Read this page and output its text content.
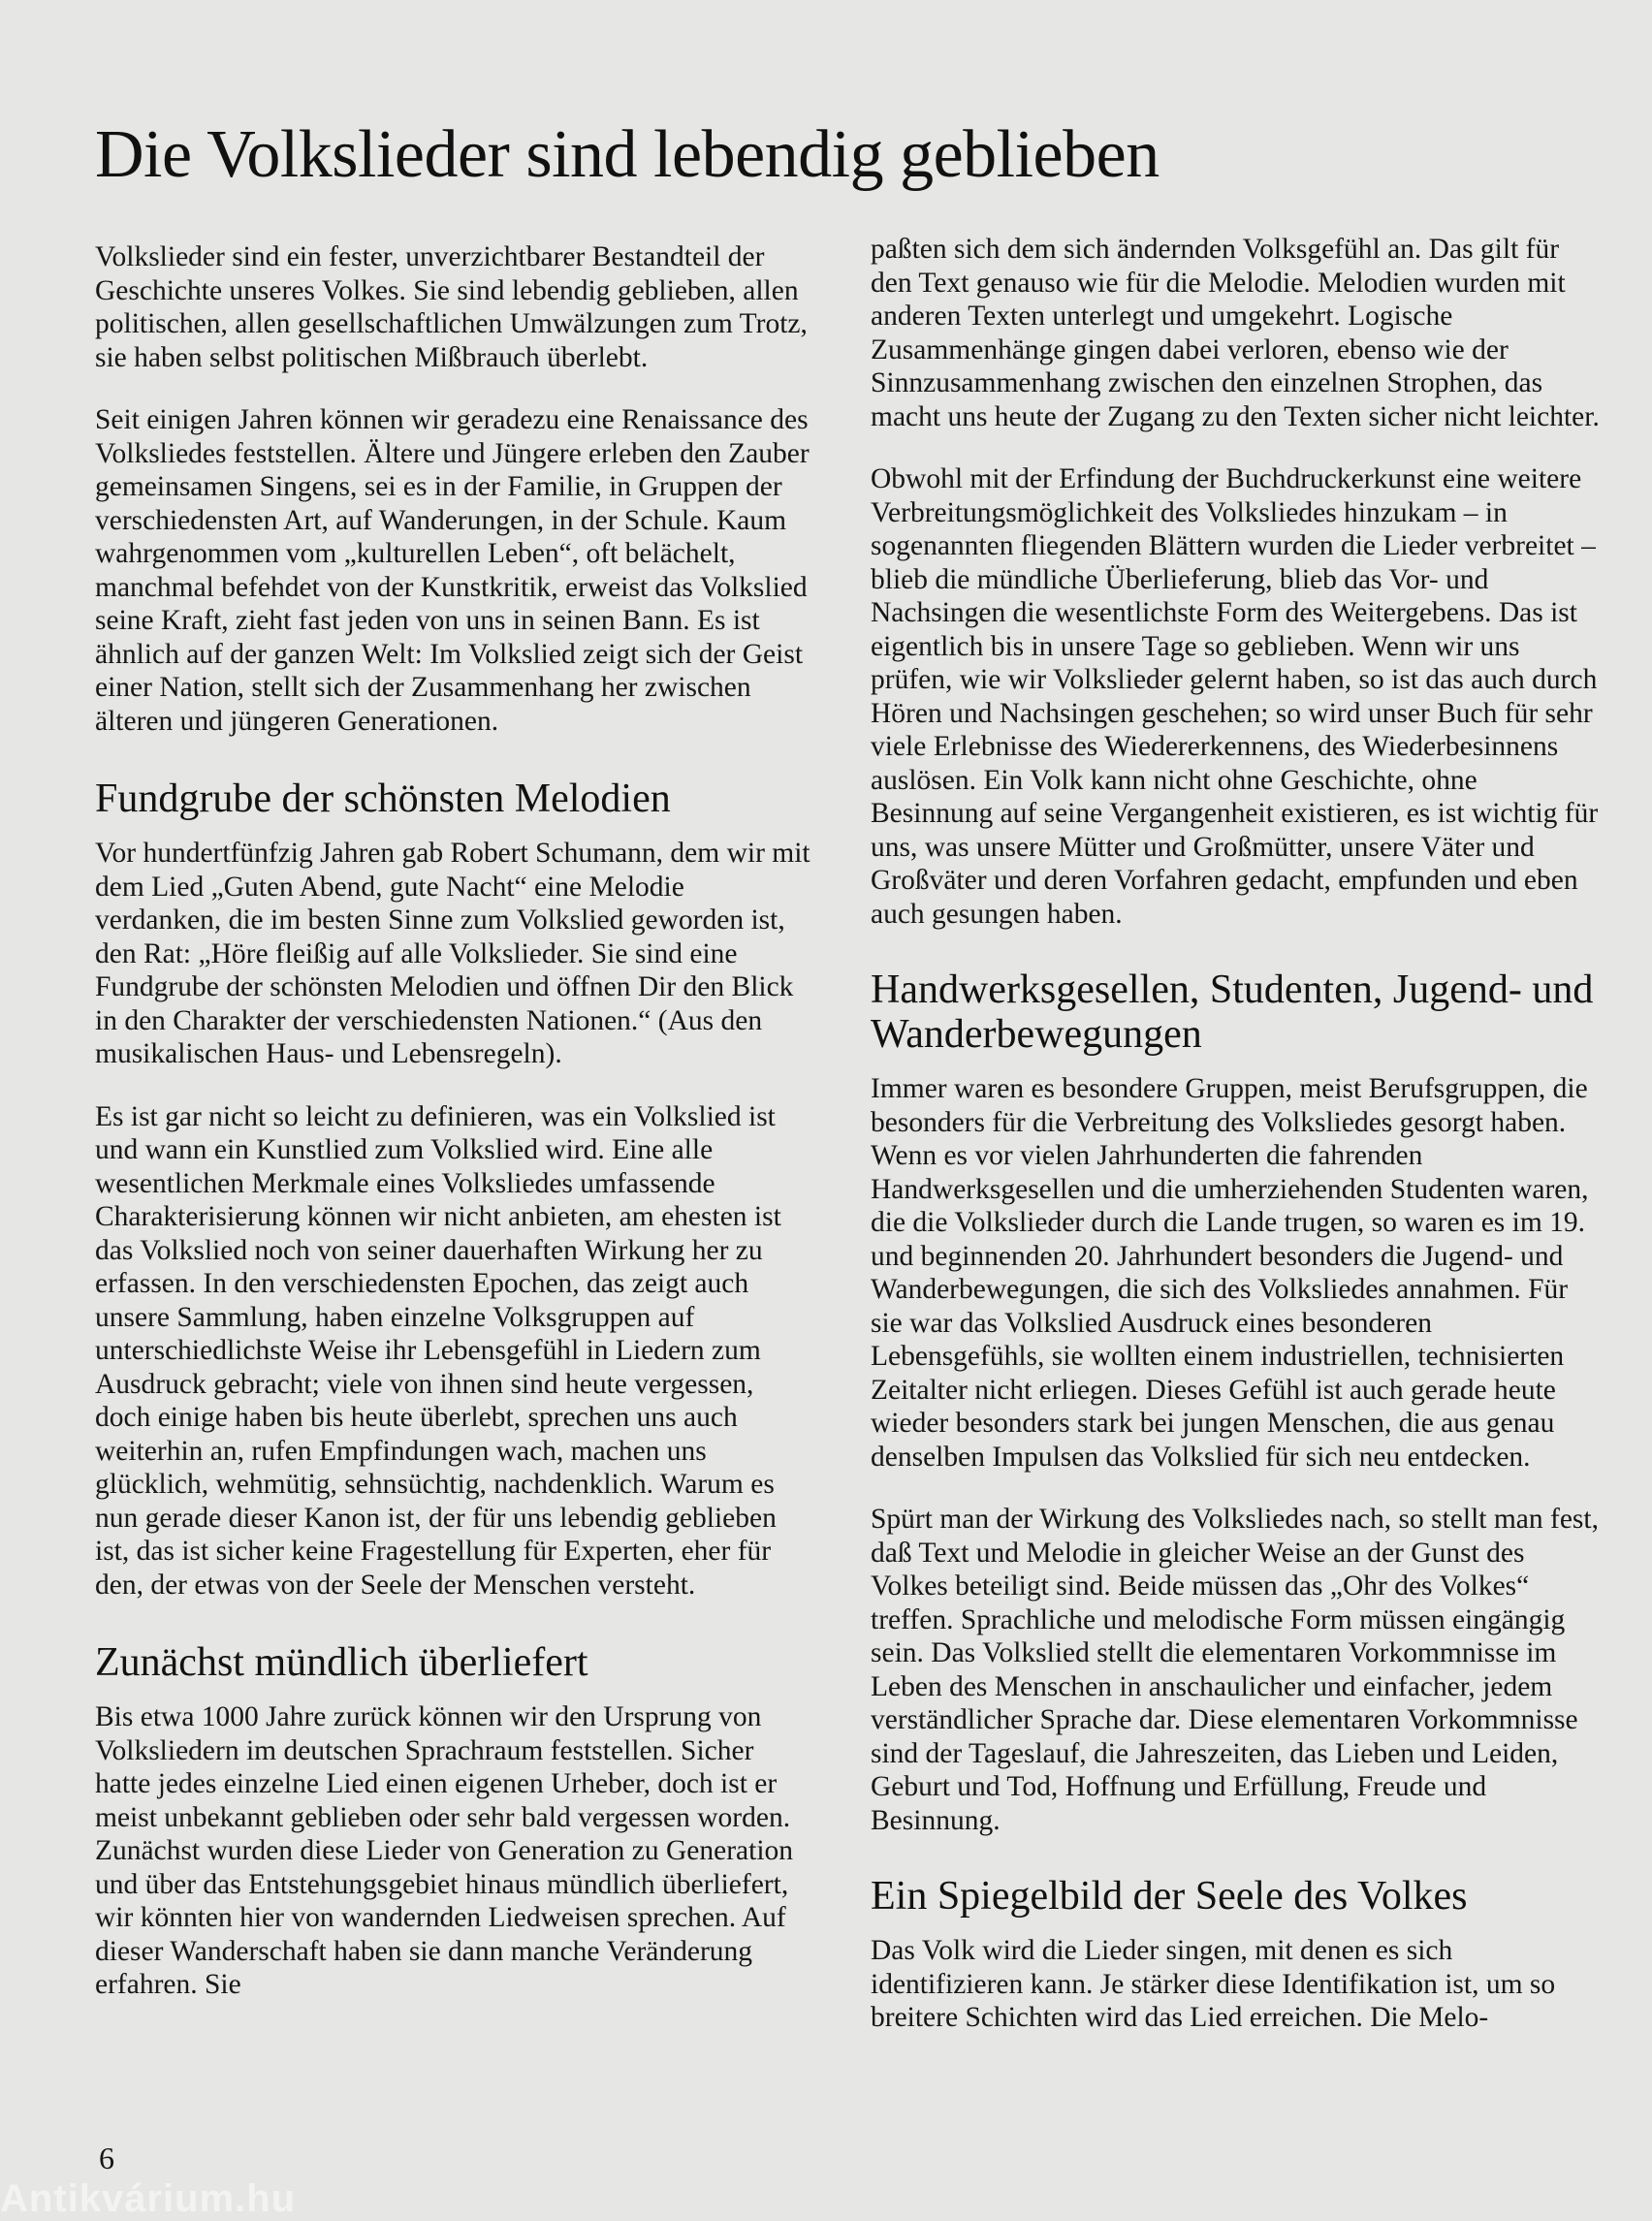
Die Volkslieder sind lebendig geblieben

Volkslieder sind ein fester, unverzichtbarer Bestandteil der Geschichte unseres Volkes. Sie sind lebendig geblieben, allen politischen, allen gesellschaftlichen Umwälzungen zum Trotz, sie haben selbst politischen Mißbrauch überlebt.

Seit einigen Jahren können wir geradezu eine Renaissance des Volksliedes feststellen. Ältere und Jüngere erleben den Zauber gemeinsamen Singens, sei es in der Familie, in Gruppen der verschiedensten Art, auf Wanderungen, in der Schule. Kaum wahrgenommen vom „kulturellen Leben“, oft belächelt, manchmal befehdet von der Kunstkritik, erweist das Volkslied seine Kraft, zieht fast jeden von uns in seinen Bann. Es ist ähnlich auf der ganzen Welt: Im Volkslied zeigt sich der Geist einer Nation, stellt sich der Zusammenhang her zwischen älteren und jüngeren Generationen.

Fundgrube der schönsten Melodien

Vor hundertfünfzig Jahren gab Robert Schumann, dem wir mit dem Lied „Guten Abend, gute Nacht“ eine Melodie verdanken, die im besten Sinne zum Volkslied geworden ist, den Rat: „Höre fleißig auf alle Volkslieder. Sie sind eine Fundgrube der schönsten Melodien und öffnen Dir den Blick in den Charakter der verschiedensten Nationen.“ (Aus den musikalischen Haus- und Lebensregeln).

Es ist gar nicht so leicht zu definieren, was ein Volkslied ist und wann ein Kunstlied zum Volkslied wird. Eine alle wesentlichen Merkmale eines Volksliedes umfassende Charakterisierung können wir nicht anbieten, am ehesten ist das Volkslied noch von seiner dauerhaften Wirkung her zu erfassen. In den verschiedensten Epochen, das zeigt auch unsere Sammlung, haben einzelne Volksgruppen auf unterschiedlichste Weise ihr Lebensgefühl in Liedern zum Ausdruck gebracht; viele von ihnen sind heute vergessen, doch einige haben bis heute überlebt, sprechen uns auch weiterhin an, rufen Empfindungen wach, machen uns glücklich, wehmütig, sehnsüchtig, nachdenklich. Warum es nun gerade dieser Kanon ist, der für uns lebendig geblieben ist, das ist sicher keine Fragestellung für Experten, eher für den, der etwas von der Seele der Menschen versteht.

Zunächst mündlich überliefert

Bis etwa 1000 Jahre zurück können wir den Ursprung von Volksliedern im deutschen Sprachraum feststellen. Sicher hatte jedes einzelne Lied einen eigenen Urheber, doch ist er meist unbekannt geblieben oder sehr bald vergessen worden. Zunächst wurden diese Lieder von Generation zu Generation und über das Entstehungsgebiet hinaus mündlich überliefert, wir könnten hier von wandernden Liedweisen sprechen. Auf dieser Wanderschaft haben sie dann manche Veränderung erfahren. Sie

paßten sich dem sich ändernden Volksgefühl an. Das gilt für den Text genauso wie für die Melodie. Melodien wurden mit anderen Texten unterlegt und umgekehrt. Logische Zusammenhänge gingen dabei verloren, ebenso wie der Sinnzusammenhang zwischen den einzelnen Strophen, das macht uns heute der Zugang zu den Texten sicher nicht leichter.

Obwohl mit der Erfindung der Buchdruckerkunst eine weitere Verbreitungsmöglichkeit des Volksliedes hinzukam – in sogenannten fliegenden Blättern wurden die Lieder verbreitet – blieb die mündliche Überlieferung, blieb das Vor- und Nachsingen die wesentlichste Form des Weitergebens. Das ist eigentlich bis in unsere Tage so geblieben. Wenn wir uns prüfen, wie wir Volkslieder gelernt haben, so ist das auch durch Hören und Nachsingen geschehen; so wird unser Buch für sehr viele Erlebnisse des Wiedererkennens, des Wiederbesinnens auslösen. Ein Volk kann nicht ohne Geschichte, ohne Besinnung auf seine Vergangenheit existieren, es ist wichtig für uns, was unsere Mütter und Großmütter, unsere Väter und Großväter und deren Vorfahren gedacht, empfunden und eben auch gesungen haben.

Handwerksgesellen, Studenten, Jugend- und Wanderbewegungen

Immer waren es besondere Gruppen, meist Berufsgruppen, die besonders für die Verbreitung des Volksliedes gesorgt haben. Wenn es vor vielen Jahrhunderten die fahrenden Handwerksgesellen und die umherziehenden Studenten waren, die die Volkslieder durch die Lande trugen, so waren es im 19. und beginnenden 20. Jahrhundert besonders die Jugend- und Wanderbewegungen, die sich des Volksliedes annahmen. Für sie war das Volkslied Ausdruck eines besonderen Lebensgefühls, sie wollten einem industriellen, technisierten Zeitalter nicht erliegen. Dieses Gefühl ist auch gerade heute wieder besonders stark bei jungen Menschen, die aus genau denselben Impulsen das Volkslied für sich neu entdecken.

Spürt man der Wirkung des Volksliedes nach, so stellt man fest, daß Text und Melodie in gleicher Weise an der Gunst des Volkes beteiligt sind. Beide müssen das „Ohr des Volkes“ treffen. Sprachliche und melodische Form müssen eingängig sein. Das Volkslied stellt die elementaren Vorkommnisse im Leben des Menschen in anschaulicher und einfacher, jedem verständlicher Sprache dar. Diese elementaren Vorkommnisse sind der Tageslauf, die Jahreszeiten, das Lieben und Leiden, Geburt und Tod, Hoffnung und Erfüllung, Freude und Besinnung.

Ein Spiegelbild der Seele des Volkes

Das Volk wird die Lieder singen, mit denen es sich identifizieren kann. Je stärker diese Identifikation ist, um so breitere Schichten wird das Lied erreichen. Die Melo-

6
Antikvárium.hu
